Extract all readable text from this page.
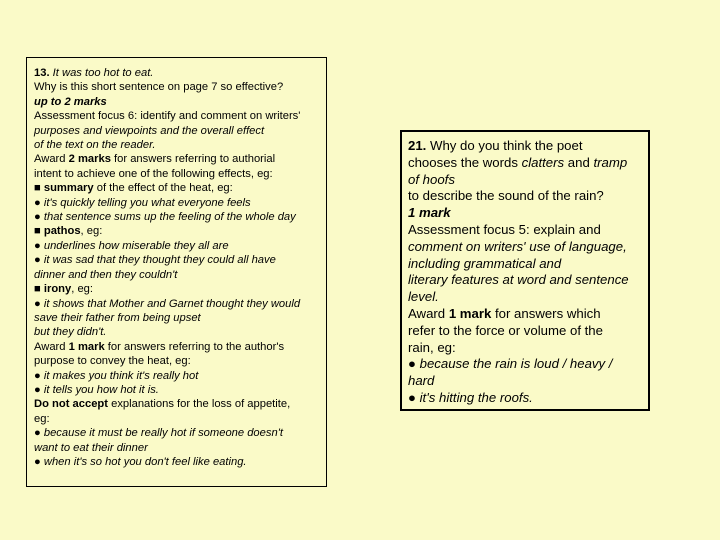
13. It was too hot to eat.
Why is this short sentence on page 7 so effective?
up to 2 marks
Assessment focus 6: identify and comment on writers'
purposes and viewpoints and the overall effect
of the text on the reader.
Award 2 marks for answers referring to authorial
intent to achieve one of the following effects, eg:
■ summary of the effect of the heat, eg:
● it's quickly telling you what everyone feels
● that sentence sums up the feeling of the whole day
■ pathos, eg:
● underlines how miserable they all are
● it was sad that they thought they could all have
dinner and then they couldn't
■ irony, eg:
● it shows that Mother and Garnet thought they would
save their father from being upset
but they didn't.
Award 1 mark for answers referring to the author's
purpose to convey the heat, eg:
● it makes you think it's really hot
● it tells you how hot it is.
Do not accept explanations for the loss of appetite,
eg:
● because it must be really hot if someone doesn't
want to eat their dinner
● when it's so hot you don't feel like eating.
21. Why do you think the poet
chooses the words clatters and tramp
of hoofs
to describe the sound of the rain?
1 mark
Assessment focus 5: explain and
comment on writers' use of language,
including grammatical and
literary features at word and sentence
level.
Award 1 mark for answers which
refer to the force or volume of the
rain, eg:
● because the rain is loud / heavy /
hard
● it's hitting the roofs.
